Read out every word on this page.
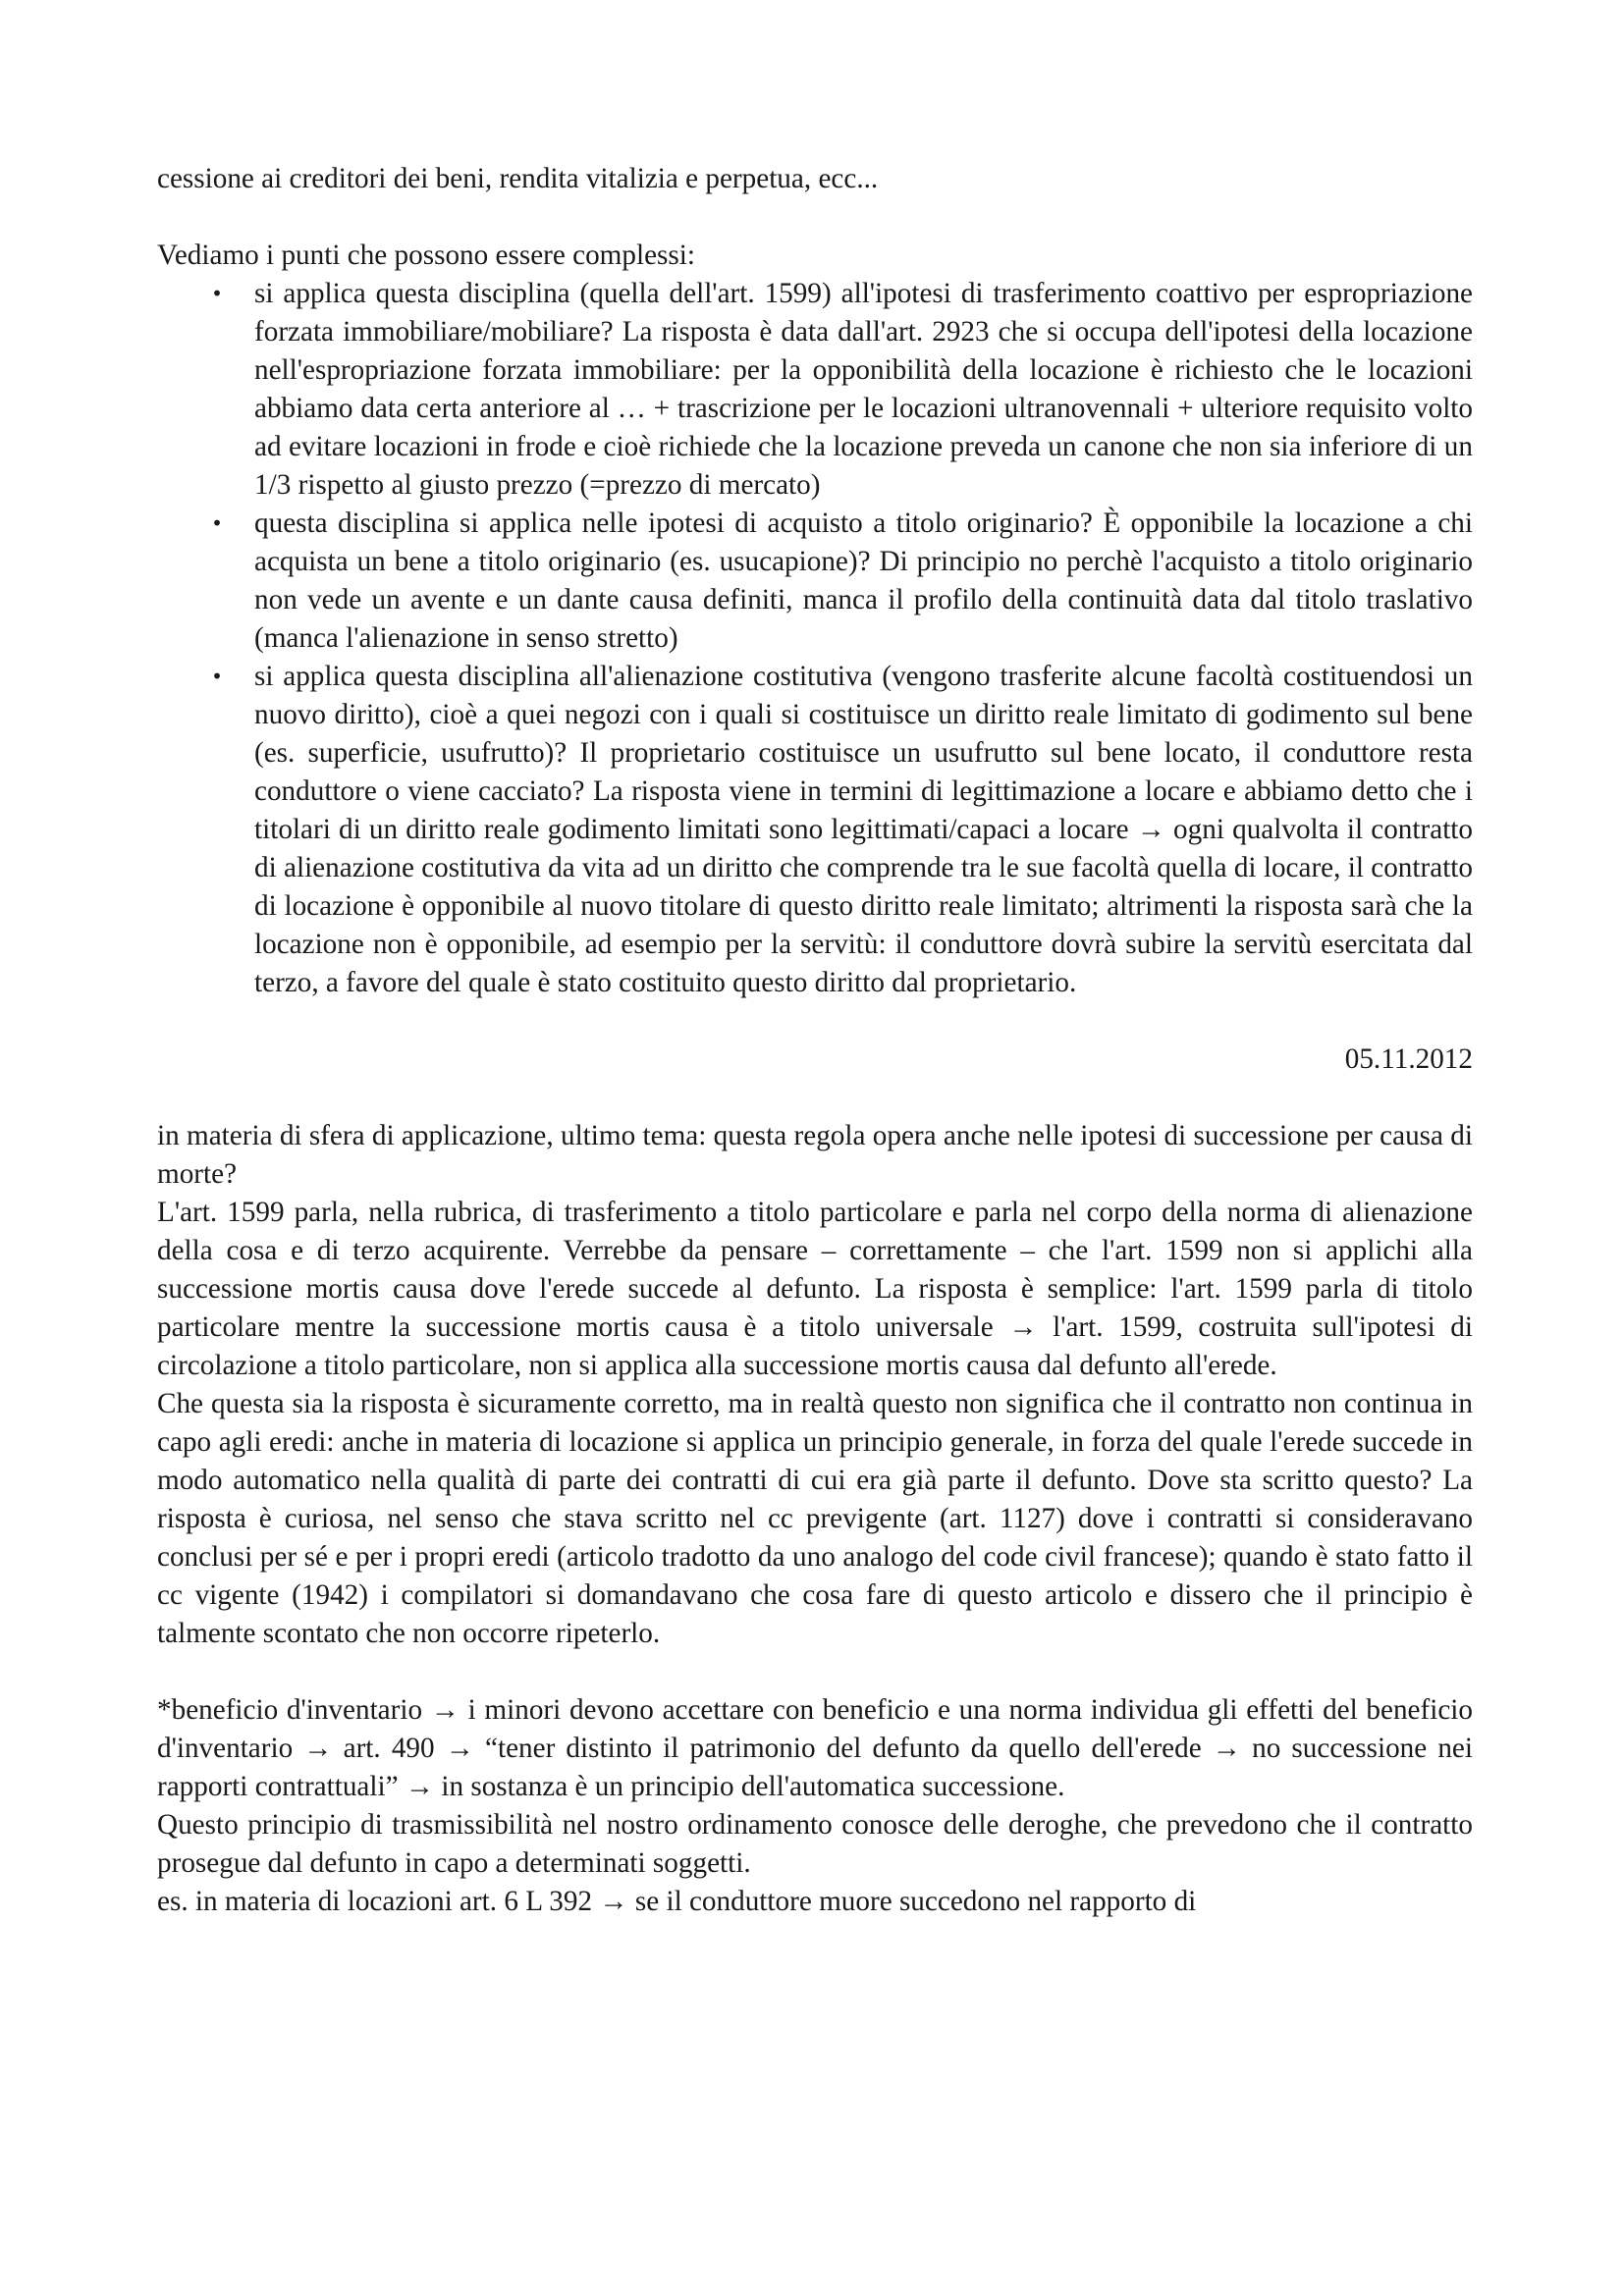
cessione ai creditori dei beni, rendita vitalizia e perpetua, ecc...

Vediamo i punti che possono essere complessi:

• si applica questa disciplina (quella dell'art. 1599) all'ipotesi di trasferimento coattivo per espropriazione forzata immobiliare/mobiliare? La risposta è data dall'art. 2923 che si occupa dell'ipotesi della locazione nell'espropriazione forzata immobiliare: per la opponibilità della locazione è richiesto che le locazioni abbiamo data certa anteriore al … + trascrizione per le locazioni ultranovennali + ulteriore requisito volto ad evitare locazioni in frode e cioè richiede che la locazione preveda un canone che non sia inferiore di un 1/3 rispetto al giusto prezzo (=prezzo di mercato)
• questa disciplina si applica nelle ipotesi di acquisto a titolo originario? È opponibile la locazione a chi acquista un bene a titolo originario (es. usucapione)? Di principio no perchè l'acquisto a titolo originario non vede un avente e un dante causa definiti, manca il profilo della continuità data dal titolo traslativo (manca l'alienazione in senso stretto)
• si applica questa disciplina all'alienazione costitutiva (vengono trasferite alcune facoltà costituendosi un nuovo diritto), cioè a quei negozi con i quali si costituisce un diritto reale limitato di godimento sul bene (es. superficie, usufrutto)? Il proprietario costituisce un usufrutto sul bene locato, il conduttore resta conduttore o viene cacciato? La risposta viene in termini di legittimazione a locare e abbiamo detto che i titolari di un diritto reale godimento limitati sono legittimati/capaci a locare → ogni qualvolta il contratto di alienazione costitutiva da vita ad un diritto che comprende tra le sue facoltà quella di locare, il contratto di locazione è opponibile al nuovo titolare di questo diritto reale limitato; altrimenti la risposta sarà che la locazione non è opponibile, ad esempio per la servitù: il conduttore dovrà subire la servitù esercitata dal terzo, a favore del quale è stato costituito questo diritto dal proprietario.

05.11.2012

in materia di sfera di applicazione, ultimo tema: questa regola opera anche nelle ipotesi di successione per causa di morte?

L'art. 1599 parla, nella rubrica, di trasferimento a titolo particolare e parla nel corpo della norma di alienazione della cosa e di terzo acquirente. Verrebbe da pensare – correttamente – che l'art. 1599 non si applichi alla successione mortis causa dove l'erede succede al defunto. La risposta è semplice: l'art. 1599 parla di titolo particolare mentre la successione mortis causa è a titolo universale → l'art. 1599, costruita sull'ipotesi di circolazione a titolo particolare, non si applica alla successione mortis causa dal defunto all'erede.

Che questa sia la risposta è sicuramente corretto, ma in realtà questo non significa che il contratto non continua in capo agli eredi: anche in materia di locazione si applica un principio generale, in forza del quale l'erede succede in modo automatico nella qualità di parte dei contratti di cui era già parte il defunto. Dove sta scritto questo? La risposta è curiosa, nel senso che stava scritto nel cc previgente (art. 1127) dove i contratti si consideravano conclusi per sé e per i propri eredi (articolo tradotto da uno analogo del code civil francese); quando è stato fatto il cc vigente (1942) i compilatori si domandavano che cosa fare di questo articolo e dissero che il principio è talmente scontato che non occorre ripeterlo.

*beneficio d'inventario → i minori devono accettare con beneficio e una norma individua gli effetti del beneficio d'inventario → art. 490 → “tener distinto il patrimonio del defunto da quello dell'erede → no successione nei rapporti contrattuali” → in sostanza è un principio dell'automatica successione.

Questo principio di trasmissibilità nel nostro ordinamento conosce delle deroghe, che prevedono che il contratto prosegue dal defunto in capo a determinati soggetti.

es. in materia di locazioni art. 6 L 392 → se il conduttore muore succedono nel rapporto di
